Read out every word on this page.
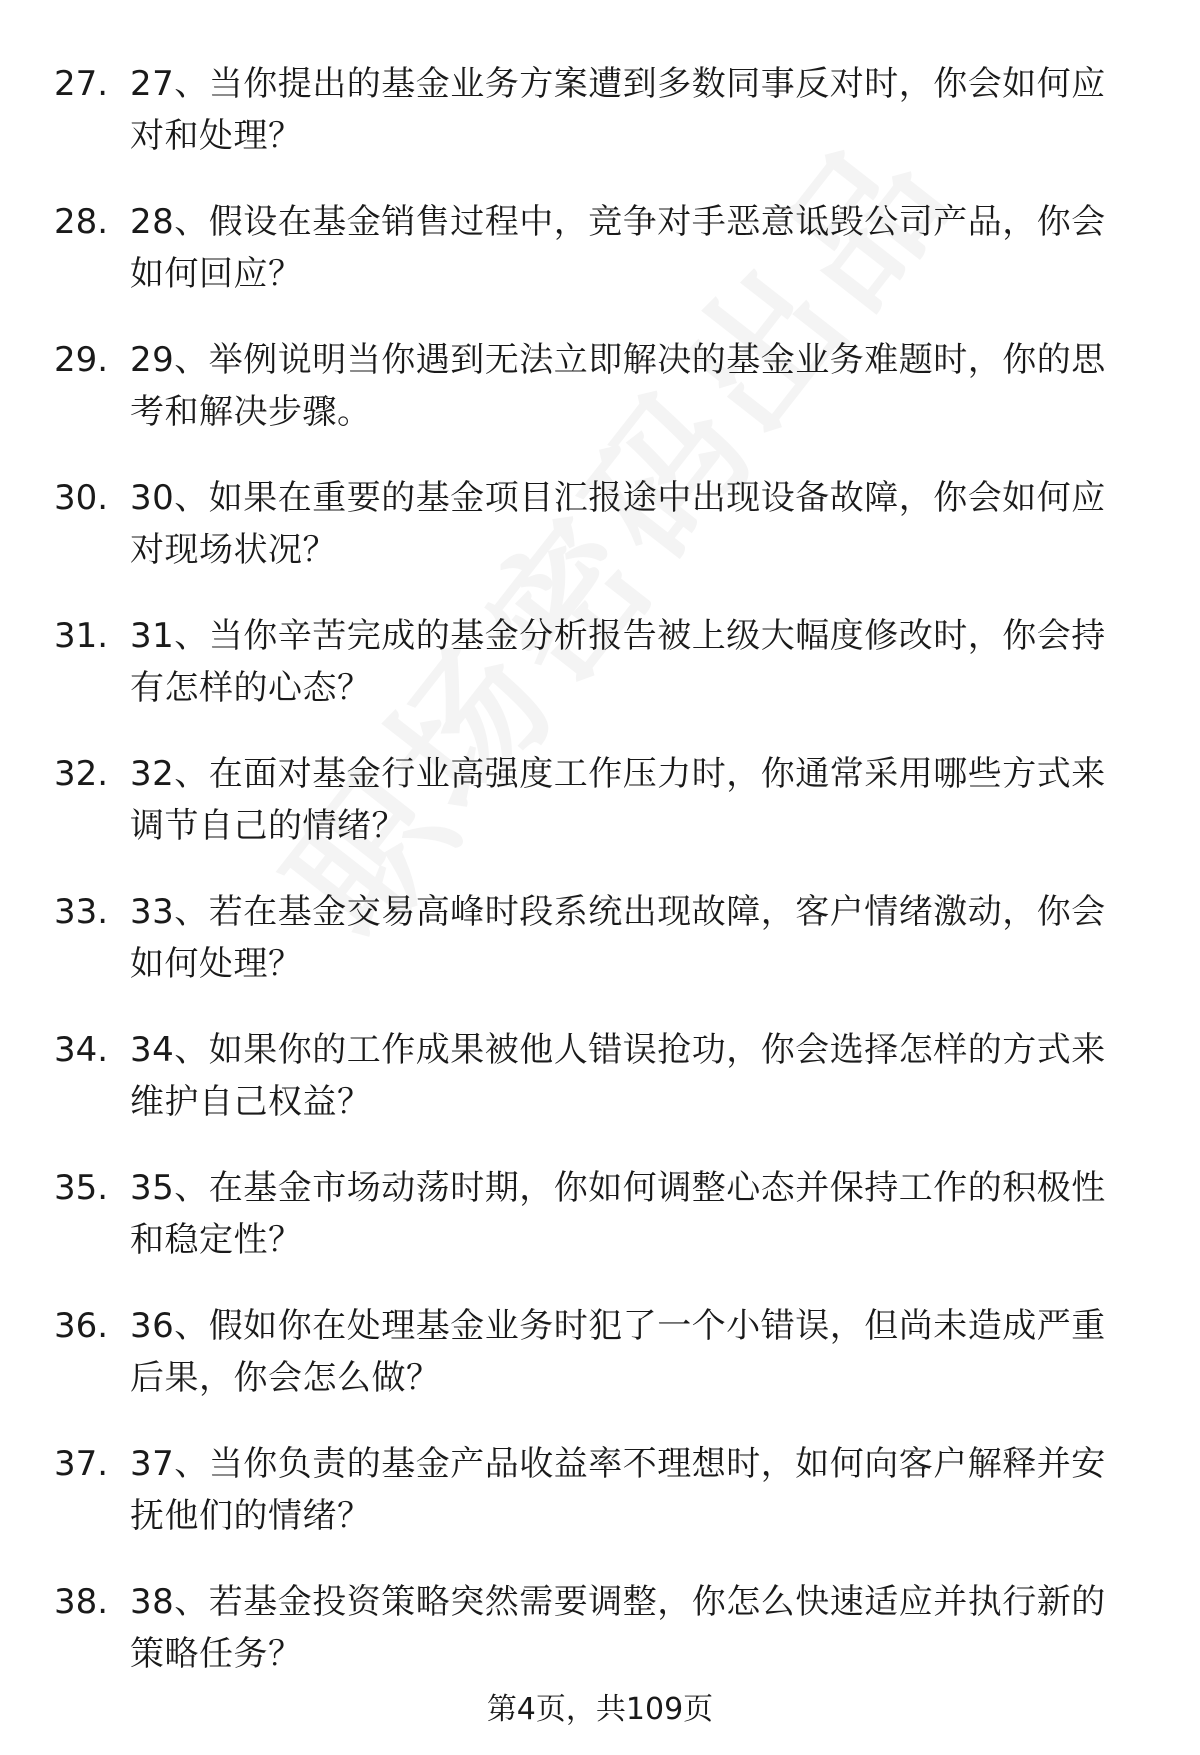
27. 27、当你提出的基金业务方案遭到多数同事反对时，你会如何应对和处理？
28. 28、假设在基金销售过程中，竞争对手恶意诋毁公司产品，你会如何回应？
29. 29、举例说明当你遇到无法立即解决的基金业务难题时，你的思考和解决步骤。
30. 30、如果在重要的基金项目汇报途中出现设备故障，你会如何应对现场状况？
31. 31、当你辛苦完成的基金分析报告被上级大幅度修改时，你会持有怎样的心态？
32. 32、在面对基金行业高强度工作压力时，你通常采用哪些方式来调节自己的情绪？
33. 33、若在基金交易高峰时段系统出现故障，客户情绪激动，你会如何处理？
34. 34、如果你的工作成果被他人错误抢功，你会选择怎样的方式来维护自己权益？
35. 35、在基金市场动荡时期，你如何调整心态并保持工作的积极性和稳定性？
36. 36、假如你在处理基金业务时犯了一个小错误，但尚未造成严重后果，你会怎么做？
37. 37、当你负责的基金产品收益率不理想时，如何向客户解释并安抚他们的情绪？
38. 38、若基金投资策略突然需要调整，你怎么快速适应并执行新的策略任务？
第4页，共109页
